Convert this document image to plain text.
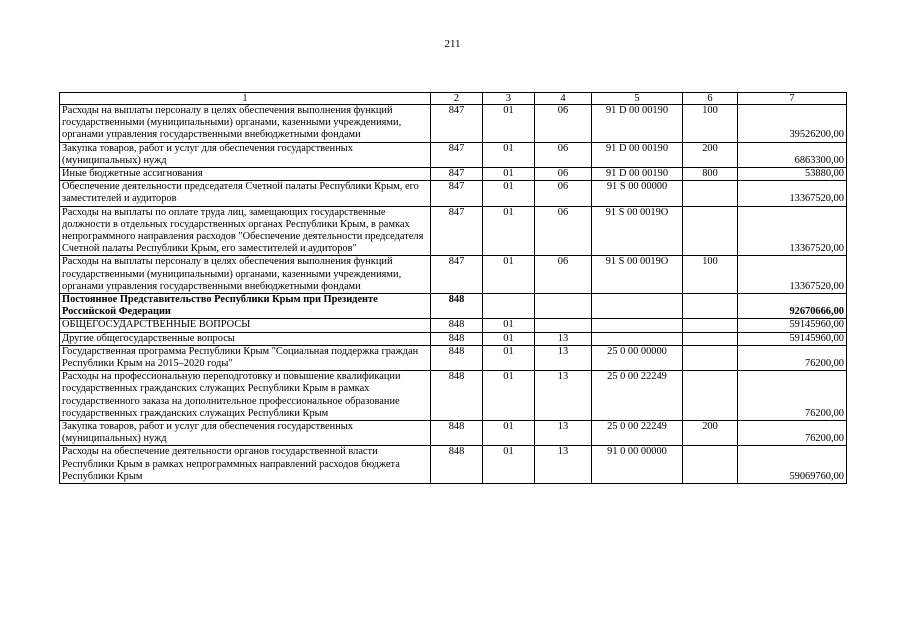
211
1	2	3	4	5	6	7
Расходы на выплаты персоналу в целях обеспечения выполнения функций государственными (муниципальными) органами, казенными учреждениями, органами управления государственными внебюджетными фондами	847	01	06	91 D 00 00190	100	39526200,00
Закупка товаров, работ и услуг для обеспечения государственных (муниципальных) нужд	847	01	06	91 D 00 00190	200	6863300,00
Иные бюджетные ассигнования	847	01	06	91 D 00 00190	800	53880,00
Обеспечение деятельности председателя Счетной палаты Республики Крым, его заместителей и аудиторов	847	01	06	91 S 00 00000		13367520,00
Расходы на выплаты по оплате труда лиц, замещающих государственные должности в отдельных государственных органах Республики Крым, в рамках непрограммного направления расходов "Обеспечение деятельности председателя Счетной палаты Республики Крым, его заместителей и аудиторов"	847	01	06	91 S 00 0019O		13367520,00
Расходы на выплаты персоналу в целях обеспечения выполнения функций государственными (муниципальными) органами, казенными учреждениями, органами управления государственными внебюджетными фондами	847	01	06	91 S 00 0019O	100	13367520,00
Постоянное Представительство Республики Крым при Президенте Российской Федерации	848					92670666,00
ОБЩЕГОСУДАРСТВЕННЫЕ ВОПРОСЫ	848	01				59145960,00
Другие общегосударственные вопросы	848	01	13			59145960,00
Государственная программа Республики Крым "Социальная поддержка граждан Республики Крым на 2015–2020 годы"	848	01	13	25 0 00 00000		76200,00
Расходы на профессиональную переподготовку и повышение квалификации государственных гражданских служащих Республики Крым в рамках государственного заказа на дополнительное профессиональное образование государственных гражданских служащих Республики Крым	848	01	13	25 0 00 22249		76200,00
Закупка товаров, работ и услуг для обеспечения государственных (муниципальных) нужд	848	01	13	25 0 00 22249	200	76200,00
Расходы на обеспечение деятельности органов государственной власти Республики Крым в рамках непрограммных направлений расходов бюджета Республики Крым	848	01	13	91 0 00 00000		59069760,00
